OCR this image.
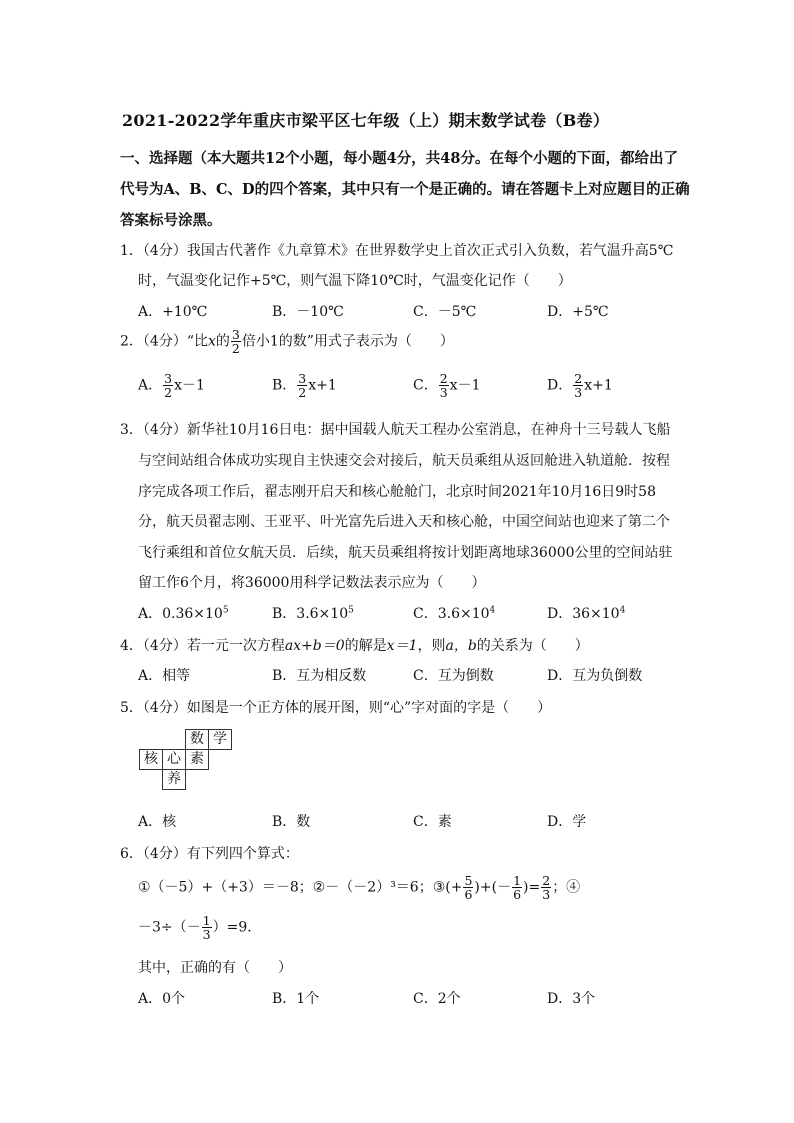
2021-2022学年重庆市梁平区七年级（上）期末数学试卷（B卷）
一、选择题（本大题共12个小题，每小题4分，共48分。在每个小题的下面，都给出了
代号为A、B、C、D的四个答案，其中只有一个是正确的。请在答题卡上对应题目的正确
答案标号涂黑。
1．（4分）我国古代著作《九章算术》在世界数学史上首次正式引入负数，若气温升高5℃
时，气温变化记作+5℃，则气温下降10℃时，气温变化记作（　　）
A．+10℃	B．－10℃	C．－5℃	D．+5℃
2．（4分）“比x的 $\frac{3}{2}$ 倍小1的数”用式子表示为（　　）
A． $\frac{3}{2} x-1$	B． $\frac{3}{2} x+1$	C． $\frac{2}{3} x-1$	D． $\frac{2}{3} x+1$
3．（4分）新华社10月16日电：据中国载人航天工程办公室消息，在神舟十三号载人飞船
与空间站组合体成功实现自主快速交会对接后，航天员乘组从返回舱进入轨道舱．按程
序完成各项工作后，翟志刚开启天和核心舱舱门，北京时间2021年10月16日9时58
分，航天员翟志刚、王亚平、叶光富先后进入天和核心舱，中国空间站也迎来了第二个
飞行乘组和首位女航天员．后续，航天员乘组将按计划距离地球36000公里的空间站驻
留工作6个月，将36000用科学记数法表示应为（　　）
A．$0.36\times 10^5$	B．$3.6\times 10^5$	C．$3.6\times 10^4$	D．$36\times 10^4$
4．（4分）若一元一次方程ax+b＝0的解是x＝1，则a，b的关系为（　　）
A．相等	B．互为相反数	C．互为倒数	D．互为负倒数
5．（4分）如图是一个正方体的展开图，则“心”字对面的字是（　　）
数 学
核 心 素
养
A．核	B．数	C．素	D．学
6．（4分）有下列四个算式：
①（－5）+（+3）＝－8；②－（－2）³＝6；③(+ $\frac{5}{6}$ )+(－ $\frac{1}{6}$ )= $\frac{2}{3}$ ；④
$-3\div(- \frac{1}{3} )=9$．
其中，正确的有（　　）
A．0个	B．1个	C．2个	D．3个
